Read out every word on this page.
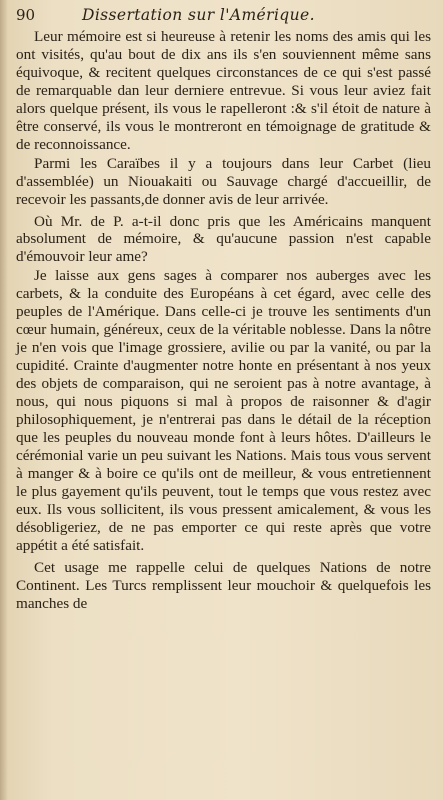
90	Dissertation sur l'Amérique.

Leur mémoire est si heureuse à retenir les noms des amis qui les ont visités, qu'au bout de dix ans ils s'en souviennent même sans équivoque, & recitent quelques circonstances de ce qui s'est passé de remarquable dan leur derniere entrevue. Si vous leur aviez fait alors quelque présent, ils vous le rapelleront :& s'il étoit de nature à être conservé, ils vous le montreront en témoignage de gratitude & de reconnoissance.

Parmi les Caraïbes il y a toujours dans leur Carbet (lieu d'assemblée) un Niouakaiti ou Sauvage chargé d'accueillir, de recevoir les passants,de donner avis de leur arrivée.

Où Mr. de P. a-t-il donc pris que les Américains manquent absolument de mémoire, & qu'aucune passion n'est capable d'émouvoir leur ame?

Je laisse aux gens sages à comparer nos auberges avec les carbets, & la conduite des Européans à cet égard, avec celle des peuples de l'Amérique. Dans celle-ci je trouve les sentiments d'un cœur humain, généreux, ceux de la véritable noblesse. Dans la nôtre je n'en vois que l'image grossiere, avilie ou par la vanité, ou par la cupidité. Crainte d'augmenter notre honte en présentant à nos yeux des objets de comparaison, qui ne seroient pas à notre avantage, à nous, qui nous piquons si mal à propos de raisonner & d'agir philosophiquement, je n'entrerai pas dans le détail de la réception que les peuples du nouveau monde font à leurs hôtes. D'ailleurs le cérémonial varie un peu suivant les Nations. Mais tous vous servent à manger & à boire ce qu'ils ont de meilleur, & vous entretiennent le plus gayement qu'ils peuvent, tout le temps que vous restez avec eux. Ils vous sollicitent, ils vous pressent amicalement, & vous les désobligeriez, de ne pas emporter ce qui reste après que votre appétit a été satisfait.

Cet usage me rappelle celui de quelques Nations de notre Continent. Les Turcs remplissent leur mouchoir & quelquefois les manches de
